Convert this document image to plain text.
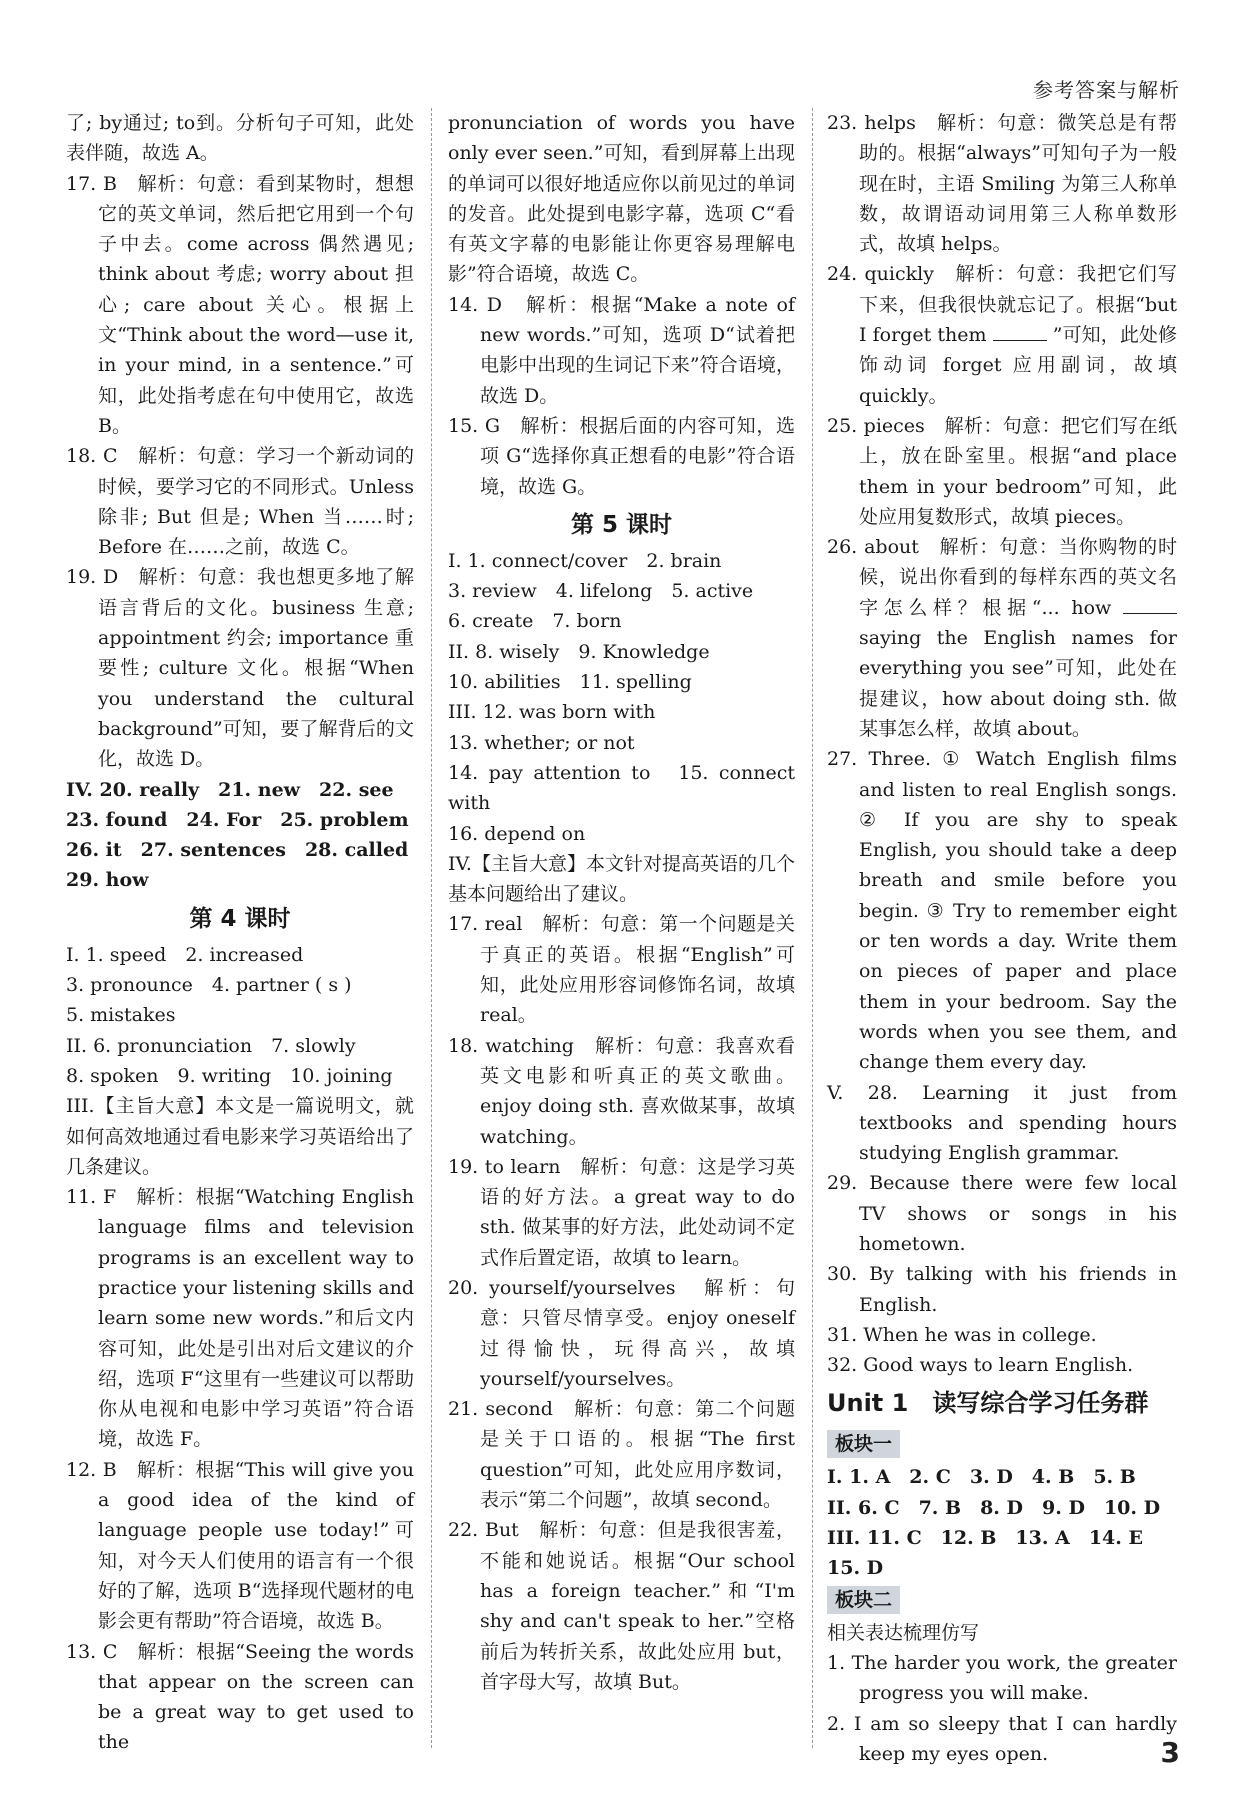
参考答案与解析
了; by通过; to到。分析句子可知，此处表伴随，故选 A。
17. B　解析：句意：看到某物时，想想它的英文单词，然后把它用到一个句子中去。come across 偶然遇见; think about 考虑; worry about 担心; care about 关心。根据上文“Think about the word—use it, in your mind, in a sentence.”可知，此处指考虑在句中使用它，故选 B。
18. C　解析：句意：学习一个新动词的时候，要学习它的不同形式。Unless 除非; But 但是; When 当……时; Before 在……之前，故选 C。
19. D　解析：句意：我也想更多地了解语言背后的文化。business 生意; appointment 约会; importance 重要性; culture 文化。根据“When you understand the cultural background”可知，要了解背后的文化，故选 D。
IV. 20. really　21. new　22. see
23. found　24. For　25. problem
26. it　27. sentences　28. called
29. how
第 4 课时
I. 1. speed　2. increased
3. pronounce　4. partner ( s )
5. mistakes
II. 6. pronunciation　7. slowly
8. spoken　9. writing　10. joining
III.【主旨大意】本文是一篇说明文，就如何高效地通过看电影来学习英语给出了几条建议。
11. F　解析：根据“Watching English language films and television programs is an excellent way to practice your listening skills and learn some new words.”和后文内容可知，此处是引出对后文建议的介绍，选项 F“这里有一些建议可以帮助你从电视和电影中学习英语”符合语境，故选 F。
12. B　解析：根据“This will give you a good idea of the kind of language people use today!”可知，对今天人们使用的语言有一个很好的了解，选项 B“选择现代题材的电影会更有帮助”符合语境，故选 B。
13. C　解析：根据“Seeing the words that appear on the screen can be a great way to get used to the
pronunciation of words you have only ever seen.”可知，看到屏幕上出现的单词可以很好地适应你以前见过的单词的发音。此处提到电影字幕，选项 C“看有英文字幕的电影能让你更容易理解电影”符合语境，故选 C。
14. D　解析：根据“Make a note of new words.”可知，选项 D“试着把电影中出现的生词记下来”符合语境，故选 D。
15. G　解析：根据后面的内容可知，选项 G“选择你真正想看的电影”符合语境，故选 G。
第 5 课时
I. 1. connect/cover　2. brain
3. review　4. lifelong　5. active
6. create　7. born
II. 8. wisely　9. Knowledge
10. abilities　11. spelling
III. 12. was born with
13. whether; or not
14. pay attention to　15. connect with
16. depend on
IV.【主旨大意】本文针对提高英语的几个基本问题给出了建议。
17. real　解析：句意：第一个问题是关于真正的英语。根据“English”可知，此处应用形容词修饰名词，故填 real。
18. watching　解析：句意：我喜欢看英文电影和听真正的英文歌曲。enjoy doing sth. 喜欢做某事，故填 watching。
19. to learn　解析：句意：这是学习英语的好方法。a great way to do sth. 做某事的好方法，此处动词不定式作后置定语，故填 to learn。
20. yourself/yourselves　解析：句意：只管尽情享受。enjoy oneself 过得愉快，玩得高兴，故填 yourself/yourselves。
21. second　解析：句意：第二个问题是关于口语的。根据“The first question”可知，此处应用序数词，表示“第二个问题”，故填 second。
22. But　解析：句意：但是我很害羞，不能和她说话。根据“Our school has a foreign teacher.”和“I'm shy and can't speak to her.”空格前后为转折关系，故此处应用 but，首字母大写，故填 But。
23. helps　解析：句意：微笑总是有帮助的。根据“always”可知句子为一般现在时，主语 Smiling 为第三人称单数，故谓语动词用第三人称单数形式，故填 helps。
24. quickly　解析：句意：我把它们写下来，但我很快就忘记了。根据“but I forget them	”可知，此处修饰动词 forget 应用副词，故填 quickly。
25. pieces　解析：句意：把它们写在纸上，放在卧室里。根据“and place them in your bedroom”可知，此处应用复数形式，故填 pieces。
26. about　解析：句意：当你购物的时候，说出你看到的每样东西的英文名字怎么样？根据“... how  saying the English names for everything you see”可知，此处在提建议，how about doing sth. 做某事怎么样，故填 about。
27. Three. ① Watch English films and listen to real English songs. ② If you are shy to speak English, you should take a deep breath and smile before you begin. ③ Try to remember eight or ten words a day. Write them on pieces of paper and place them in your bedroom. Say the words when you see them, and change them every day.
V. 28. Learning it just from textbooks and spending hours studying English grammar.
29. Because there were few local TV shows or songs in his hometown.
30. By talking with his friends in English.
31. When he was in college.
32. Good ways to learn English.
Unit 1　读写综合学习任务群
板块一
I. 1. A　2. C　3. D　4. B　5. B
II. 6. C　7. B　8. D　9. D　10. D
III. 11. C　12. B　13. A　14. E
15. D
板块二
相关表达梳理仿写
1. The harder you work, the greater progress you will make.
2. I am so sleepy that I can hardly keep my eyes open.	3
